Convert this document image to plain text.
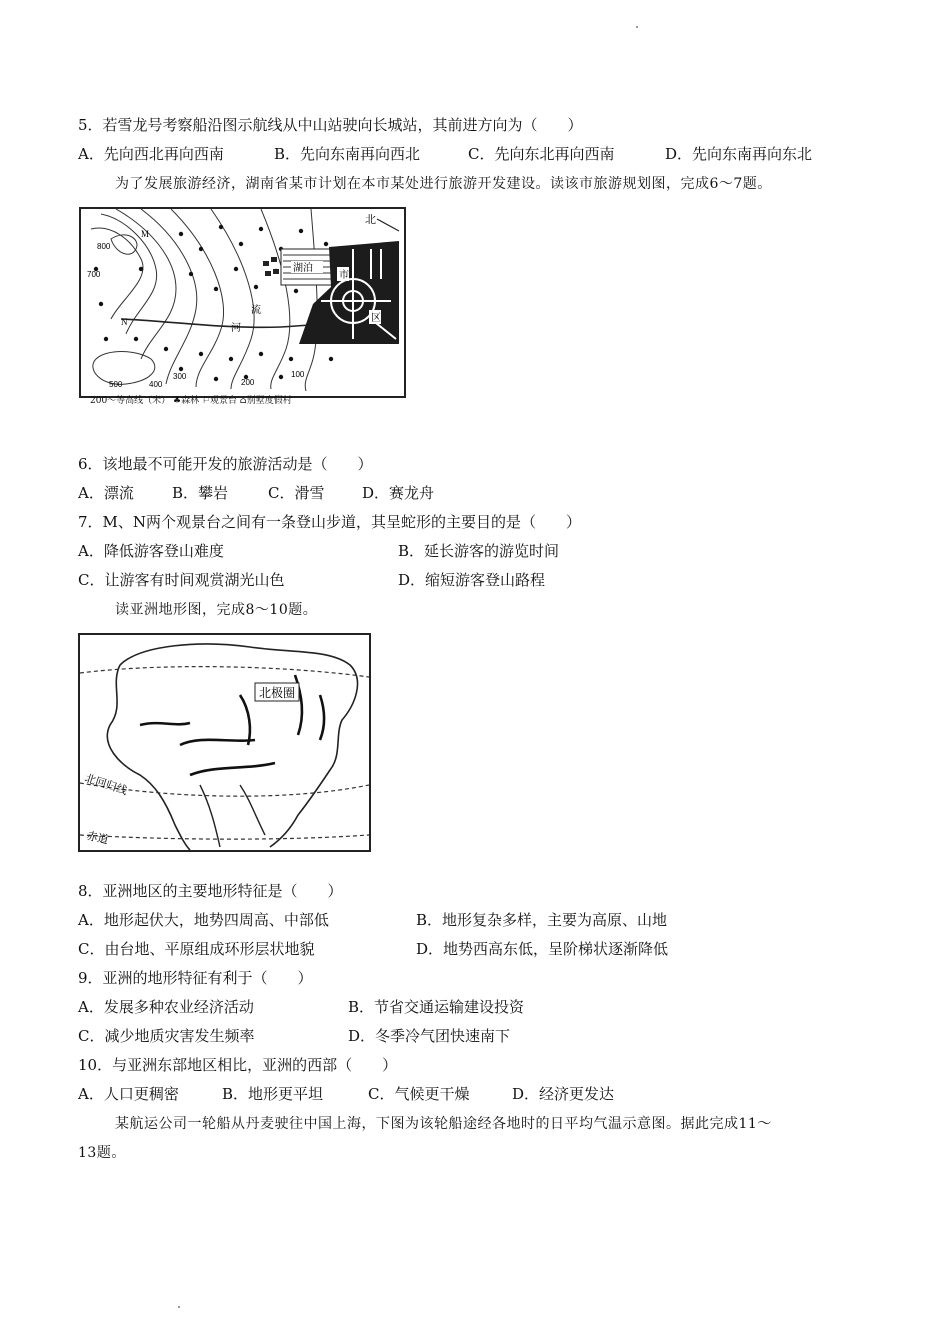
5．若雪龙号考察船沿图示航线从中山站驶向长城站，其前进方向为（　　）
A．先向西北再向西南	B．先向东南再向西北	C．先向东北再向西南	D．先向东南再向东北
为了发展旅游经济，湖南省某市计划在本市某处进行旅游开发建设。读该市旅游规划图，完成6～7题。
湖泊
市
区
河
流
北
M
N
800
700
500	400
300
200
100
200～等高线（米） ♣森林 ⚐观景台 ⌂别墅度假村
6．该地最不可能开发的旅游活动是（　　）
A．漂流	B．攀岩	C．滑雪	D．赛龙舟
7．M、N两个观景台之间有一条登山步道，其呈蛇形的主要目的是（　　）
A．降低游客登山难度	B．延长游客的游览时间
C．让游客有时间观赏湖光山色	D．缩短游客登山路程
读亚洲地形图，完成8～10题。
北极圈
北回归线
赤道
8．亚洲地区的主要地形特征是（　　）
A．地形起伏大，地势四周高、中部低	B．地形复杂多样，主要为高原、山地
C．由台地、平原组成环形层状地貌	D．地势西高东低，呈阶梯状逐渐降低
9．亚洲的地形特征有利于（　　）
A．发展多种农业经济活动	B．节省交通运输建设投资
C．减少地质灾害发生频率	D．冬季冷气团快速南下
10．与亚洲东部地区相比，亚洲的西部（　　）
A．人口更稠密	B．地形更平坦	C．气候更干燥	D．经济更发达
某航运公司一轮船从丹麦驶往中国上海，下图为该轮船途经各地时的日平均气温示意图。据此完成11～
13题。
